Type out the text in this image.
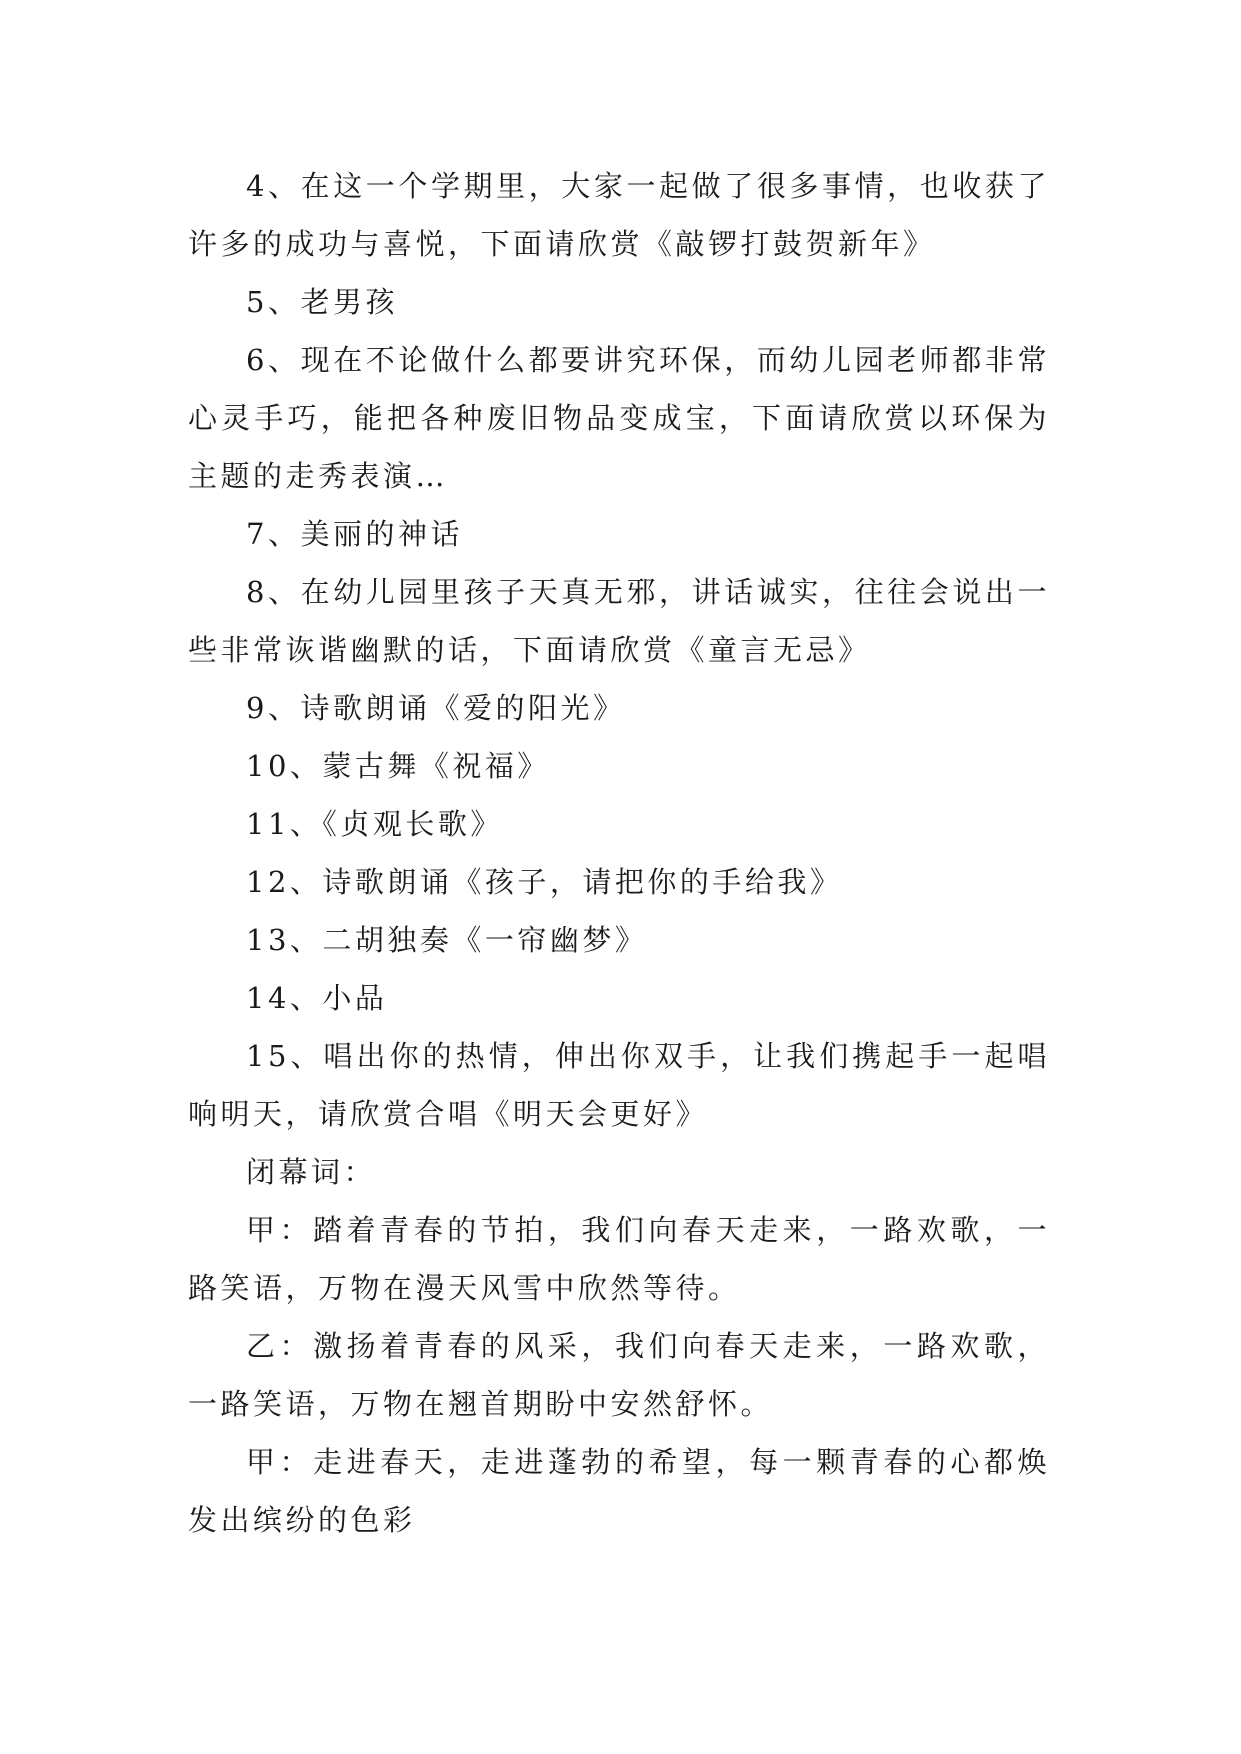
4、在这一个学期里，大家一起做了很多事情，也收获了许多的成功与喜悦，下面请欣赏《敲锣打鼓贺新年》

5、老男孩

6、现在不论做什么都要讲究环保，而幼儿园老师都非常心灵手巧，能把各种废旧物品变成宝，下面请欣赏以环保为主题的走秀表演…

7、美丽的神话

8、在幼儿园里孩子天真无邪，讲话诚实，往往会说出一些非常诙谐幽默的话，下面请欣赏《童言无忌》

9、诗歌朗诵《爱的阳光》

10、蒙古舞《祝福》

11、《贞观长歌》

12、诗歌朗诵《孩子，请把你的手给我》

13、二胡独奏《一帘幽梦》

14、小品

15、唱出你的热情，伸出你双手，让我们携起手一起唱响明天，请欣赏合唱《明天会更好》

闭幕词：

甲：踏着青春的节拍，我们向春天走来，一路欢歌，一路笑语，万物在漫天风雪中欣然等待。

乙：激扬着青春的风采，我们向春天走来，一路欢歌，一路笑语，万物在翘首期盼中安然舒怀。

甲：走进春天，走进蓬勃的希望，每一颗青春的心都焕发出缤纷的色彩
